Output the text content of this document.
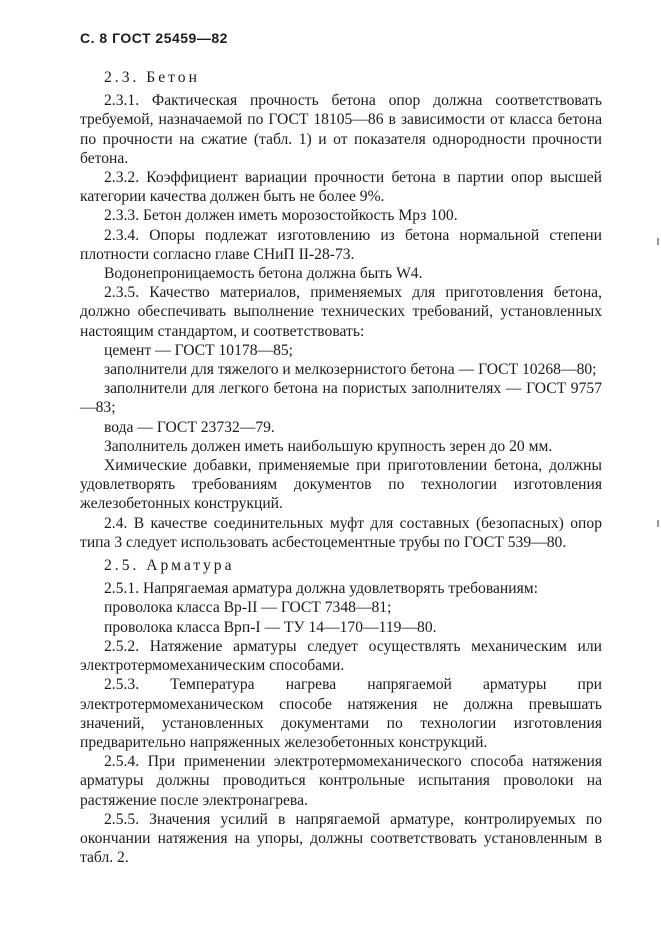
С. 8 ГОСТ 25459—82

2.3. Бетон

2.3.1. Фактическая прочность бетона опор должна соответствовать требуемой, назначаемой по ГОСТ 18105—86 в зависимости от класса бетона по прочности на сжатие (табл. 1) и от показателя однородности прочности бетона.

2.3.2. Коэффициент вариации прочности бетона в партии опор высшей категории качества должен быть не более 9%.

2.3.3. Бетон должен иметь морозостойкость Мрз 100.

2.3.4. Опоры подлежат изготовлению из бетона нормальной степени плотности согласно главе СНиП II-28-73.

Водонепроницаемость бетона должна быть W4.

2.3.5. Качество материалов, применяемых для приготовления бетона, должно обеспечивать выполнение технических требований, установленных настоящим стандартом, и соответствовать:

цемент — ГОСТ 10178—85;

заполнители для тяжелого и мелкозернистого бетона — ГОСТ 10268—80;

заполнители для легкого бетона на пористых заполнителях — ГОСТ 9757—83;

вода — ГОСТ 23732—79.

Заполнитель должен иметь наибольшую крупность зерен до 20 мм.

Химические добавки, применяемые при приготовлении бетона, должны удовлетворять требованиям документов по технологии изготовления железобетонных конструкций.

2.4. В качестве соединительных муфт для составных (безопасных) опор типа 3 следует использовать асбестоцементные трубы по ГОСТ 539—80.

2.5. Арматура

2.5.1. Напрягаемая арматура должна удовлетворять требованиям:

проволока класса Вр-II — ГОСТ 7348—81;

проволока класса Врп-I — ТУ 14—170—119—80.

2.5.2. Натяжение арматуры следует осуществлять механическим или электротермомеханическим способами.

2.5.3. Температура нагрева напрягаемой арматуры при электротермомеханическом способе натяжения не должна превышать значений, установленных документами по технологии изготовления предварительно напряженных железобетонных конструкций.

2.5.4. При применении электротермомеханического способа натяжения арматуры должны проводиться контрольные испытания проволоки на растяжение после электронагрева.

2.5.5. Значения усилий в напрягаемой арматуре, контролируемых по окончании натяжения на упоры, должны соответствовать установленным в табл. 2.
